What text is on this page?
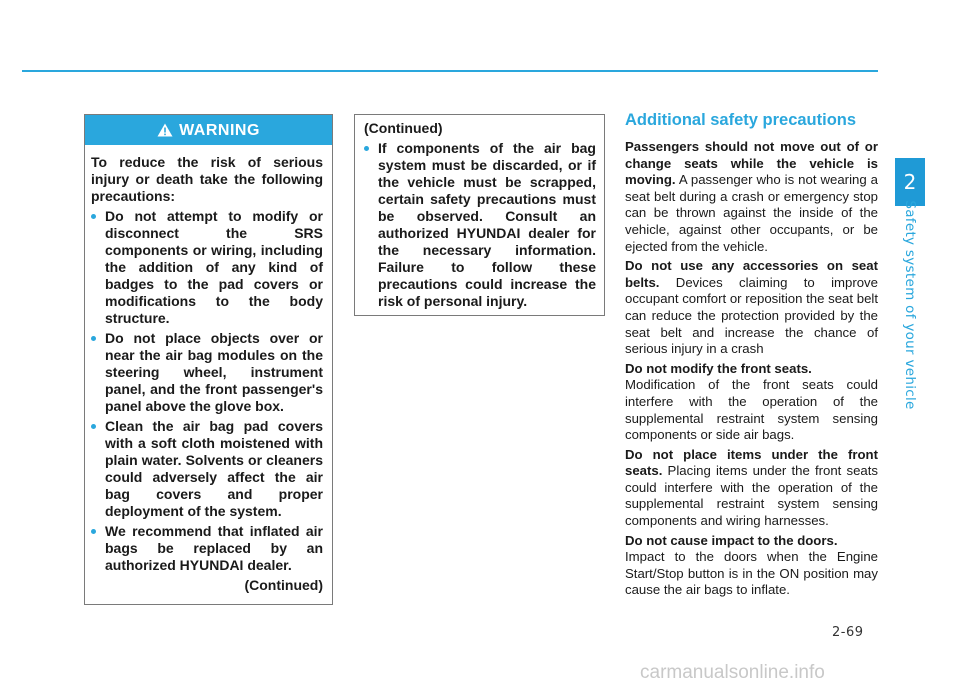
2
Safety system of your vehicle
WARNING

To reduce the risk of serious injury or death take the following precautions:

Do not attempt to modify or disconnect the SRS components or wiring, including the addition of any kind of badges to the pad covers or modifications to the body structure.
Do not place objects over or near the air bag modules on the steering wheel, instrument panel, and the front passenger's panel above the glove box.
Clean the air bag pad covers with a soft cloth moistened with plain water. Solvents or cleaners could adversely affect the air bag covers and proper deployment of the system.
We recommend that inflated air bags be replaced by an authorized HYUNDAI dealer.
(Continued)
(Continued)
If components of the air bag system must be discarded, or if the vehicle must be scrapped, certain safety precautions must be observed. Consult an authorized HYUNDAI dealer for the necessary information. Failure to follow these precautions could increase the risk of personal injury.
Additional safety precautions

Passengers should not move out of or change seats while the vehicle is moving. A passenger who is not wearing a seat belt during a crash or emergency stop can be thrown against the inside of the vehicle, against other occupants, or be ejected from the vehicle.

Do not use any accessories on seat belts. Devices claiming to improve occupant comfort or reposition the seat belt can reduce the protection provided by the seat belt and increase the chance of serious injury in a crash

Do not modify the front seats.
Modification of the front seats could interfere with the operation of the supplemental restraint system sensing components or side air bags.

Do not place items under the front seats. Placing items under the front seats could interfere with the operation of the supplemental restraint system sensing components and wiring harnesses.

Do not cause impact to the doors.
Impact to the doors when the Engine Start/Stop button is in the ON position may cause the air bags to inflate.

2-69
carmanualsonline.info
